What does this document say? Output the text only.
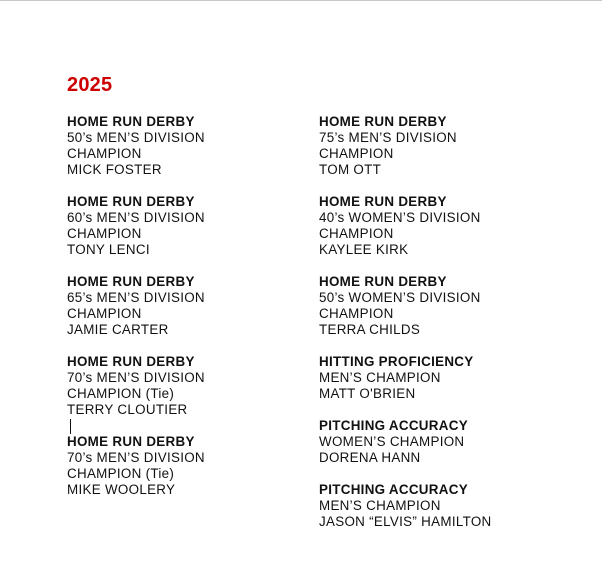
2025
HOME RUN DERBY
50’s MEN’S DIVISION
CHAMPION
MICK FOSTER
HOME RUN DERBY
60’s MEN’S DIVISION
CHAMPION
TONY LENCI
HOME RUN DERBY
65’s MEN’S DIVISION
CHAMPION
JAMIE CARTER
HOME RUN DERBY
70’s MEN’S DIVISION
CHAMPION (Tie)
TERRY CLOUTIER
HOME RUN DERBY
70’s MEN’S DIVISION
CHAMPION (Tie)
MIKE WOOLERY
HOME RUN DERBY
75’s MEN’S DIVISION
CHAMPION
TOM OTT
HOME RUN DERBY
40’s WOMEN’S DIVISION
CHAMPION
KAYLEE KIRK
HOME RUN DERBY
50’s WOMEN’S DIVISION
CHAMPION
TERRA CHILDS
HITTING PROFICIENCY
MEN’S CHAMPION
MATT O'BRIEN
PITCHING ACCURACY
WOMEN’S CHAMPION
DORENA HANN
PITCHING ACCURACY
MEN’S CHAMPION
JASON “ELVIS” HAMILTON
